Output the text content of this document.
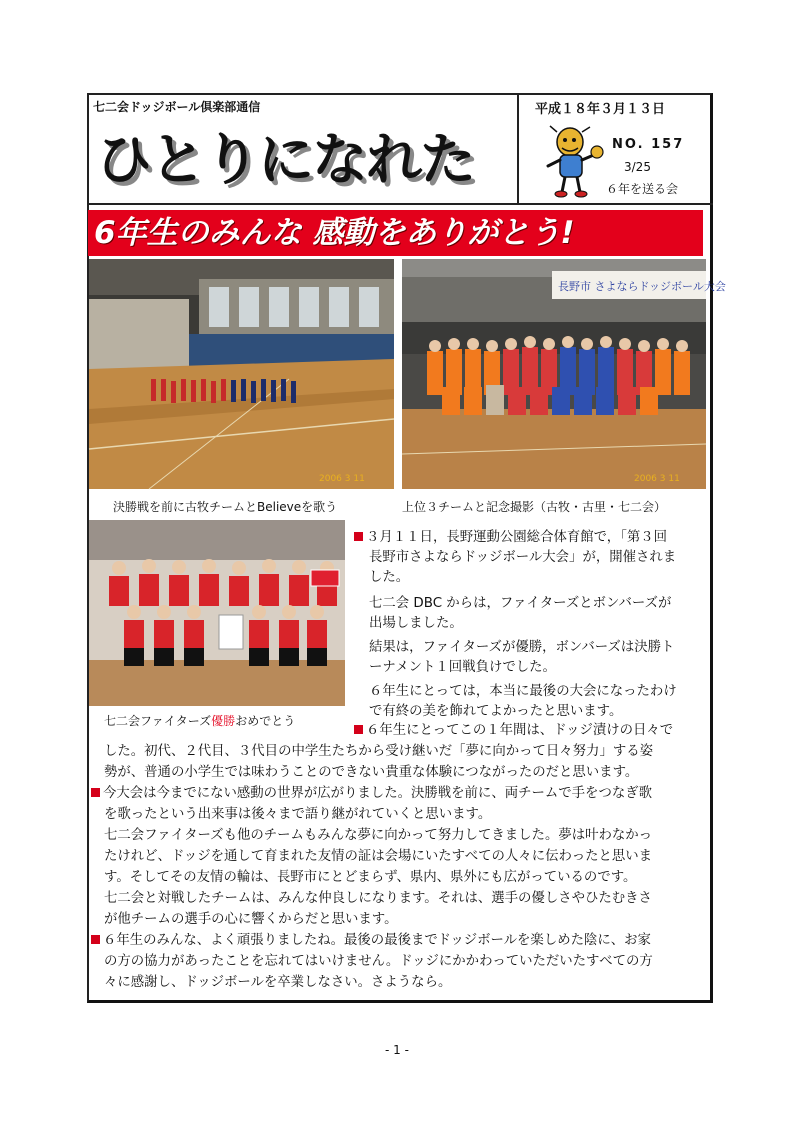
七二会ドッジボール倶楽部通信
ひとりになれた
平成１８年３月１３日
NO. 157
3/25
６年を送る会
6年生のみんな 感動をありがとう!
2006 3 11
長野市 さよならドッジボール大会
2006 3 11
決勝戦を前に古牧チームとBelieveを歌う	上位３チームと記念撮影（古牧・古里・七二会）
七二会ファイターズ優勝おめでとう
３月１１日，長野運動公園総合体育館で，「第３回
長野市さよならドッジボール大会」が，開催されま
した。
七二会 DBC からは，ファイターズとボンバーズが
出場しました。
結果は，ファイターズが優勝，ボンバーズは決勝ト
ーナメント１回戦負けでした。
６年生にとっては，本当に最後の大会になったわけ
で有終の美を飾れてよかったと思います。
６年生にとってこの１年間は、ドッジ漬けの日々で
した。初代、２代目、３代目の中学生たちから受け継いだ「夢に向かって日々努力」する姿
勢が、普通の小学生では味わうことのできない貴重な体験につながったのだと思います。
今大会は今までにない感動の世界が広がりました。決勝戦を前に、両チームで手をつなぎ歌
を歌ったという出来事は後々まで語り継がれていくと思います。
七二会ファイターズも他のチームもみんな夢に向かって努力してきました。夢は叶わなかっ
たけれど、ドッジを通して育まれた友情の証は会場にいたすべての人々に伝わったと思いま
す。そしてその友情の輪は、長野市にとどまらず、県内、県外にも広がっているのです。
七二会と対戦したチームは、みんな仲良しになります。それは、選手の優しさやひたむきさ
が他チームの選手の心に響くからだと思います。
６年生のみんな、よく頑張りましたね。最後の最後までドッジボールを楽しめた陰に、お家
の方の協力があったことを忘れてはいけません。ドッジにかかわっていただいたすべての方
々に感謝し、ドッジボールを卒業しなさい。さようなら。
- 1 -
